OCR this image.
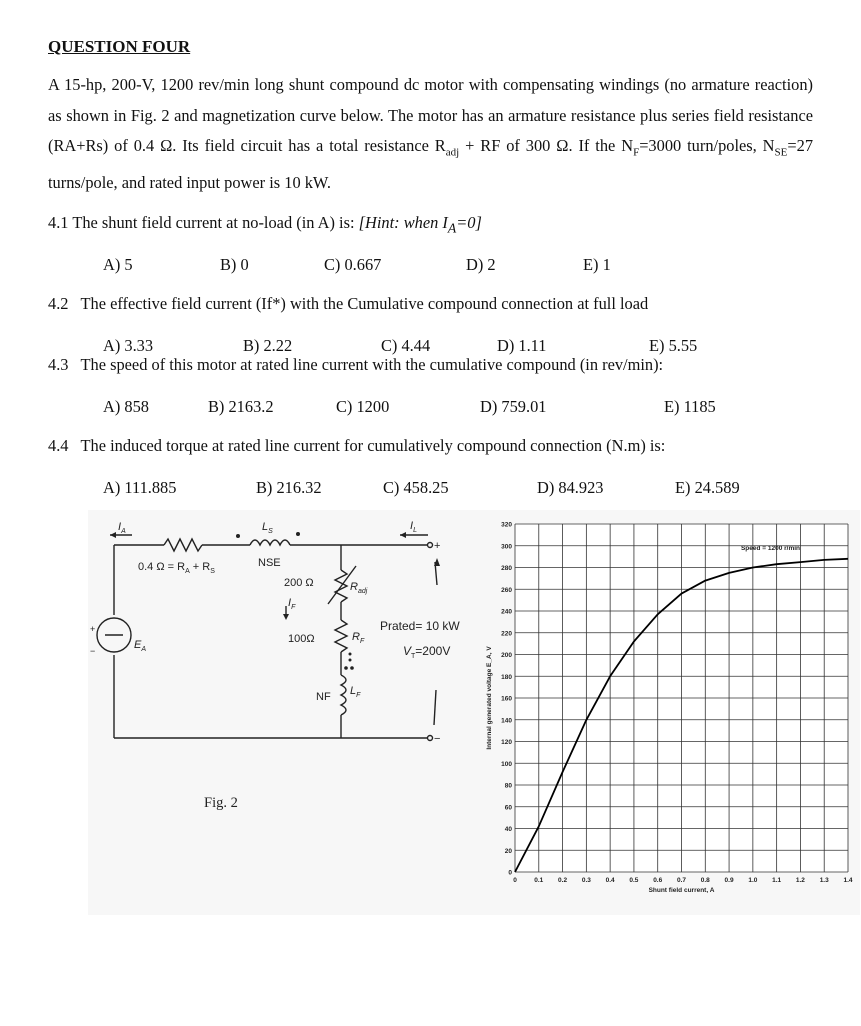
QUESTION FOUR
A 15-hp, 200-V, 1200 rev/min long shunt compound dc motor with compensating windings (no armature reaction) as shown in Fig. 2 and magnetization curve below. The motor has an armature resistance plus series field resistance (RA+Rs) of 0.4 Ω. Its field circuit has a total resistance $R_{adj}$ + RF of 300 Ω. If the $N_F=3000$ turn/poles, $N_{SE}=27$ turns/pole, and rated input power is 10 kW.
4.1 The shunt field current at no-load (in A) is: [Hint: when $I_A=0$]
A) 5	B) 0	C) 0.667	D) 2	E) 1
4.2 The effective field current (If*) with the Cumulative compound connection at full load
A) 3.33	B) 2.22	C) 4.44	D) 1.11	E) 5.55
4.3 The speed of this motor at rated line current with the cumulative compound (in rev/min):
A) 858	B) 2163.2	C) 1200	D) 759.01	E) 1185
4.4 The induced torque at rated line current for cumulatively compound connection (N.m) is:
A) 111.885	B) 216.32	C) 458.25	D) 84.923	E) 24.589
$I_A$	$L_S$
NSE
$I_L$
+
−
0.4 $\Omega = R_A + R_S$
200 Ω	$R_{adj}$
$I_F$
100Ω	$R_F$
NF $L_F$
+
$E_A$
−
Prated= 10 kW
$V_T=200V$
Fig. 2
0
20
40
60
80
100
120
140
160
180
200
220
240
260
280
300
320
0	0.1 0.2 0.3 0.4 0.5 0.6 0.7 0.8 0.9 1.0 1.1 1.2 1.3 1.4
Shunt field current, A
Internal generated voltage E_A, V
Speed = 1200 r/min
